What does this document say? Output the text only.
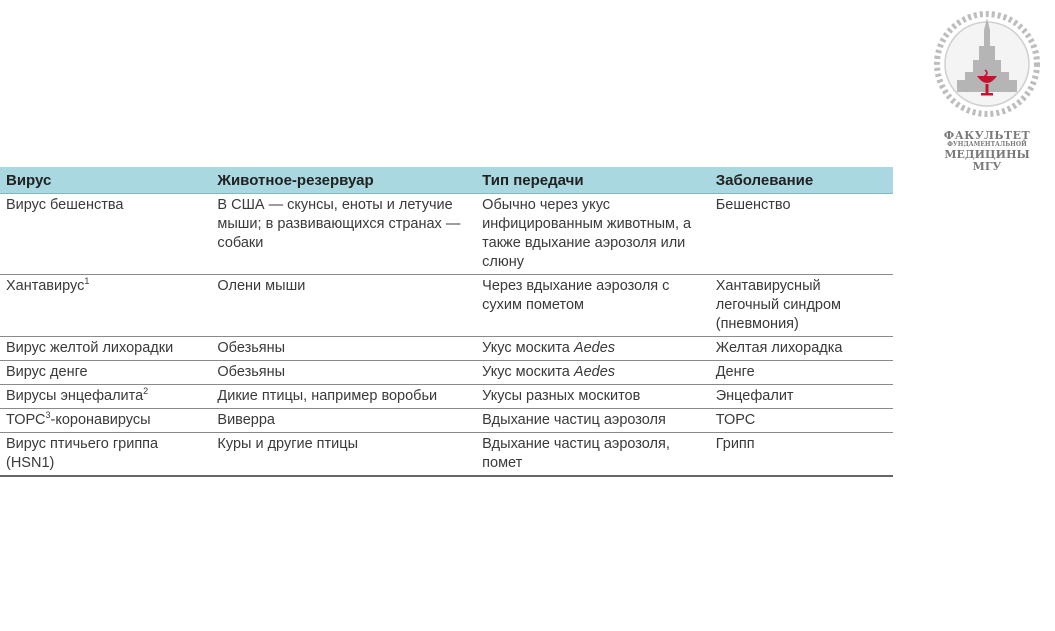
ФАКУЛЬТЕТ
ФУНДАМЕНТАЛЬНОЙ
МЕДИЦИНЫ
МГУ
Вирус	Животное-резервуар	Тип передачи	Заболевание
Вирус бешенства	В США — скунсы, еноты и летучие мыши; в развивающихся странах — собаки	Обычно через укус инфицированным животным, а также вдыхание аэрозоля или слюну	Бешенство
Хантавирус$^1$	Олени мыши	Через вдыхание аэрозоля с сухим пометом	Хантавирусный легочный синдром (пневмония)
Вирус желтой лихорадки	Обезьяны	Укус москита Aedes	Желтая лихорадка
Вирус денге	Обезьяны	Укус москита Aedes	Денге
Вирусы энцефалита$^2$	Дикие птицы, например воробьи	Укусы разных москитов	Энцефалит
ТОРС$^3$-коронавирусы	Виверра	Вдыхание частиц аэрозоля	ТОРС
Вирус птичьего гриппа (HSN1)	Куры и другие птицы	Вдыхание частиц аэрозоля, помет	Грипп
